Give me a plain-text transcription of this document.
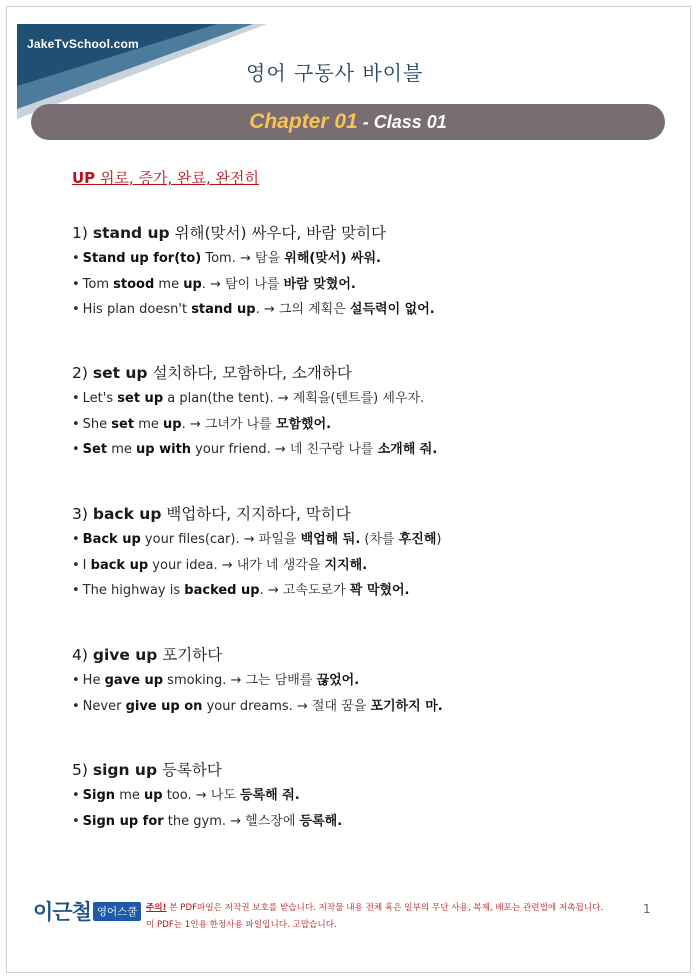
JakeTvSchool.com
영어 구동사 바이블
Chapter 01 - Class 01
UP 위로, 증가, 완료, 완전히
1) stand up 위해(맞서) 싸우다, 바람 맞히다
• Stand up for(to) Tom. → 탐을 위해(맞서) 싸워.
• Tom stood me up. → 탐이 나를 바람 맞혔어.
• His plan doesn't stand up. → 그의 계획은 설득력이 없어.
2) set up 설치하다, 모함하다, 소개하다
• Let's set up a plan(the tent). → 계획을(텐트를) 세우자.
• She set me up. → 그녀가 나를 모함했어.
• Set me up with your friend. → 네 친구랑 나를 소개해 줘.
3) back up 백업하다, 지지하다, 막히다
• Back up your files(car). → 파일을 백업해 둬. (차를 후진해)
• I back up your idea. → 내가 네 생각을 지지해.
• The highway is backed up. → 고속도로가 꽉 막혔어.
4) give up 포기하다
• He gave up smoking. → 그는 담배를 끊었어.
• Never give up on your dreams. → 절대 꿈을 포기하지 마.
5) sign up 등록하다
• Sign me up too. → 나도 등록해 줘.
• Sign up for the gym. → 헬스장에 등록해.
이근철 영어스쿨 주의! 본 PDF파일은 저작권 보호를 받습니다. 저작물 내용 전체 혹은 일부의 무단 사용, 복제, 배포는 관련법에 저촉됩니다.
이 PDF는 1인용 한정사용 파일입니다. 고맙습니다.
1
